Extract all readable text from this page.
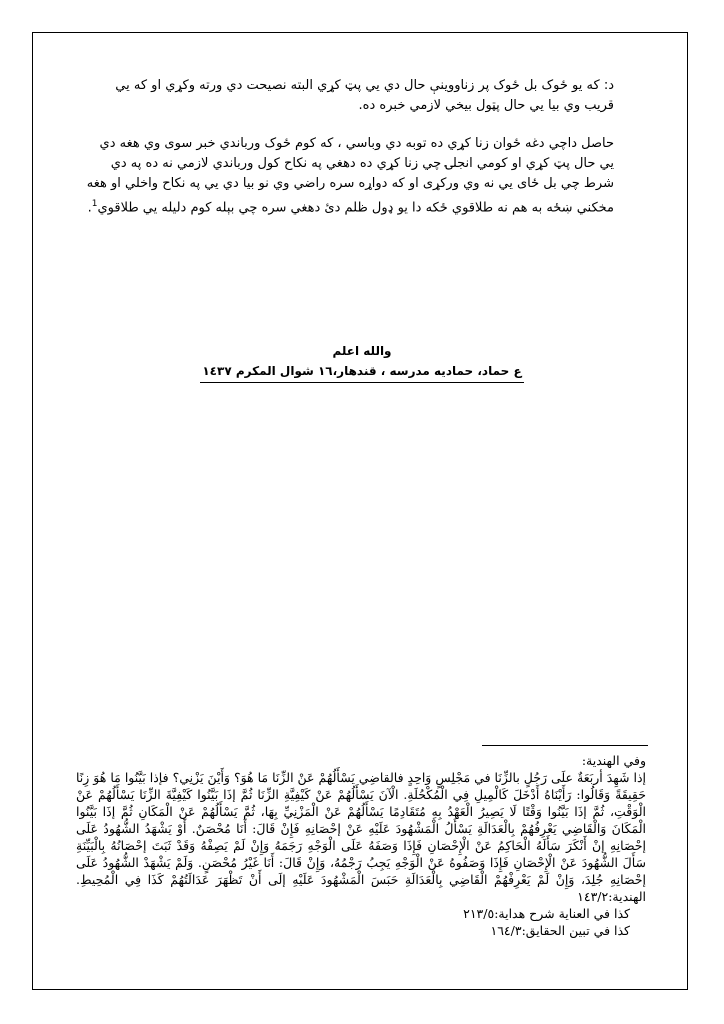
د: که يو ځوک بل ځوک پر زناووينې حال دي يي پټ کړي البته نصيحت دي ورته وکړي او که يي قريب وي بيا يي حال پټول بيخي لازمي خبره ده.

حاصل داچي دغه ځوان زنا کړي ده توبه دي وباسي ، که کوم ځوک ورباندي خبر سوی وي هغه دي يي حال پټ کړي او کومي انجلۍ چي زنا کړي ده دهغي په نکاح کول ورباندي لازمي نه ده په دي شرط چي بل ځای يي نه وي ورکړی او که دواړه سره راضي وي نو بيا دي يي په نکاح واخلي او هغه مخکني ښځه به هم نه طلاقوي ځکه دا يو ډول ظلم دئ دهغي سره چي بېله کوم دليله يي طلاقوي$^1$.

والله اعلم
ع حماد، حماديه مدرسه ، قندهار،١٦ شوال المکرم ١٤٣٧
وفي الهندية:
إذا شَهِدَ أربَعَةٌ علَى رَجُلٍ بالزِّنَا في مَجْلِسٍ وَاحِدٍ فالقاضِي يَسْأَلُهُمْ عَنْ الزِّنَا مَا هُوَ؟ وَأَيْنَ يَزْنِي؟ فإذا بَيَّنُوا مَا هُوَ زِنًا حَقِيقَةً وَقَالُوا: رَأَيْنَاهُ أَدْخَلَ كَالْمِيلِ فِي الْمُكْحُلَةِ. الْآنَ يَسْأَلُهُمْ عَنْ كَيْفِيَّةِ الزِّنَا ثُمَّ إذَا بَيَّنُوا كَيْفِيَّةَ الزِّنَا يَسْأَلُهُمْ عَنْ الْوَقْتِ، ثُمَّ إذَا بَيَّنُوا وَقْتًا لَا يَصِيرُ الْعَهْدُ بِهِ مُتَقَادِمًا يَسْأَلُهُمْ عَنْ الْمَزْنِيِّ بِهَا، ثُمَّ يَسْأَلُهُمْ عَنْ الْمَكَانِ ثُمَّ إذَا بَيَّنُوا الْمَكَانَ وَالْقَاضِي يَعْرِفُهُمْ بِالْعَدَالَةِ يَسْأَلُ الْمَشْهُودَ عَلَيْهِ عَنْ إحْصَانِهِ فَإِنْ قَالَ: أَنَا مُحْصَنٌ. أَوْ يَشْهَدُ الشُّهُودُ عَلَى إحْصَانِهِ إنْ أَنْكَرَ سَأَلَهُ الْحَاكِمُ عَنْ الْإِحْصَانِ فَإِذَا وَصَفَهُ عَلَى الْوَجْهِ رَجَمَهُ وَإِنْ لَمْ يَصِفْهُ وَقَدْ ثَبَتَ إحْصَانُهُ بِالْبَيِّنَةِ سَأَلَ الشُّهُودَ عَنْ الْإِحْصَانِ فَإِذَا وَصَفُوهُ عَنْ الْوَجْهِ يَجِبُ رَجْمُهُ، وَإِنْ قَالَ: أَنَا غَيْرُ مُحْصَنٍ. وَلَمْ يَشْهَدْ الشُّهُودُ عَلَى إحْصَانِهِ جُلِدَ، وَإِنْ لَمْ يَعْرِفْهُمْ الْقَاضِي بِالْعَدَالَةِ حَبَسَ الْمَشْهُودَ عَلَيْهِ إلَى أَنْ تَظْهَرَ عَدَالَتُهُمْ كَذَا فِي الْمُحِيطِ. الهندية:١٤٣/٢
كذا في العناية شرح هداية:٢١٣/٥
كذا في تبين الحقايق:١٦٤/٣
